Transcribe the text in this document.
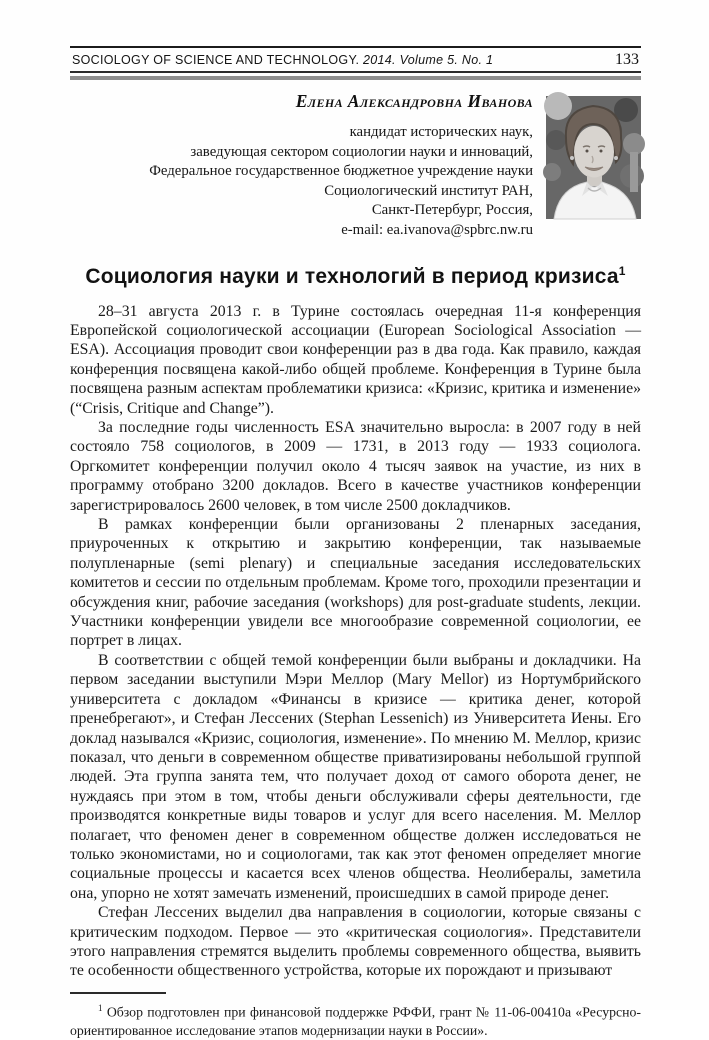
SOCIOLOGY OF SCIENCE AND TECHNOLOGY. 2014. Volume 5. No. 1	133
Елена Александровна Иванова
кандидат исторических наук,
заведующая сектором социологии науки и инноваций,
Федеральное государственное бюджетное учреждение науки
Социологический институт РАН,
Санкт-Петербург, Россия,
e-mail: ea.ivanova@spbrc.nw.ru
Социология науки и технологий в период кризиса$^1$

28–31 августа 2013 г. в Турине состоялась очередная 11-я конференция Европейской социологической ассоциации (European Sociological Association — ESA). Ассоциация проводит свои конференции раз в два года. Как правило, каждая конференция посвящена какой-либо общей проблеме. Конференция в Турине была посвящена разным аспектам проблематики кризиса: «Кризис, критика и изменение» (“Crisis, Critique and Change”).

За последние годы численность ESA значительно выросла: в 2007 году в ней состояло 758 социологов, в 2009 — 1731, в 2013 году — 1933 социолога. Оргкомитет конференции получил около 4 тысяч заявок на участие, из них в программу отобрано 3200 докладов. Всего в качестве участников конференции зарегистрировалось 2600 человек, в том числе 2500 докладчиков.

В рамках конференции были организованы 2 пленарных заседания, приуроченных к открытию и закрытию конференции, так называемые полупленарные (semi plenary) и специальные заседания исследовательских комитетов и сессии по отдельным проблемам. Кроме того, проходили презентации и обсуждения книг, рабочие заседания (workshops) для post-graduate students, лекции. Участники конференции увидели все многообразие современной социологии, ее портрет в лицах.

В соответствии с общей темой конференции были выбраны и докладчики. На первом заседании выступили Мэри Меллор (Mary Mellor) из Нортумбрийского университета с докладом «Финансы в кризисе — критика денег, которой пренебрегают», и Стефан Лессених (Stephan Lessenich) из Университета Иены. Его доклад назывался «Кризис, социология, изменение». По мнению М. Меллор, кризис показал, что деньги в современном обществе приватизированы небольшой группой людей. Эта группа занята тем, что получает доход от самого оборота денег, не нуждаясь при этом в том, чтобы деньги обслуживали сферы деятельности, где производятся конкретные виды товаров и услуг для всего населения. М. Меллор полагает, что феномен денег в современном обществе должен исследоваться не только экономистами, но и социологами, так как этот феномен определяет многие социальные процессы и касается всех членов общества. Неолибералы, заметила она, упорно не хотят замечать изменений, происшедших в самой природе денег.

Стефан Лессених выделил два направления в социологии, которые связаны с критическим подходом. Первое — это «критическая социология». Представители этого направления стремятся выделить проблемы современного общества, выявить те особенности общественного устройства, которые их порождают и призывают

$^1$ Обзор подготовлен при финансовой поддержке РФФИ, грант № 11-06-00410а «Ресурсно-ориентированное исследование этапов модернизации науки в России».
